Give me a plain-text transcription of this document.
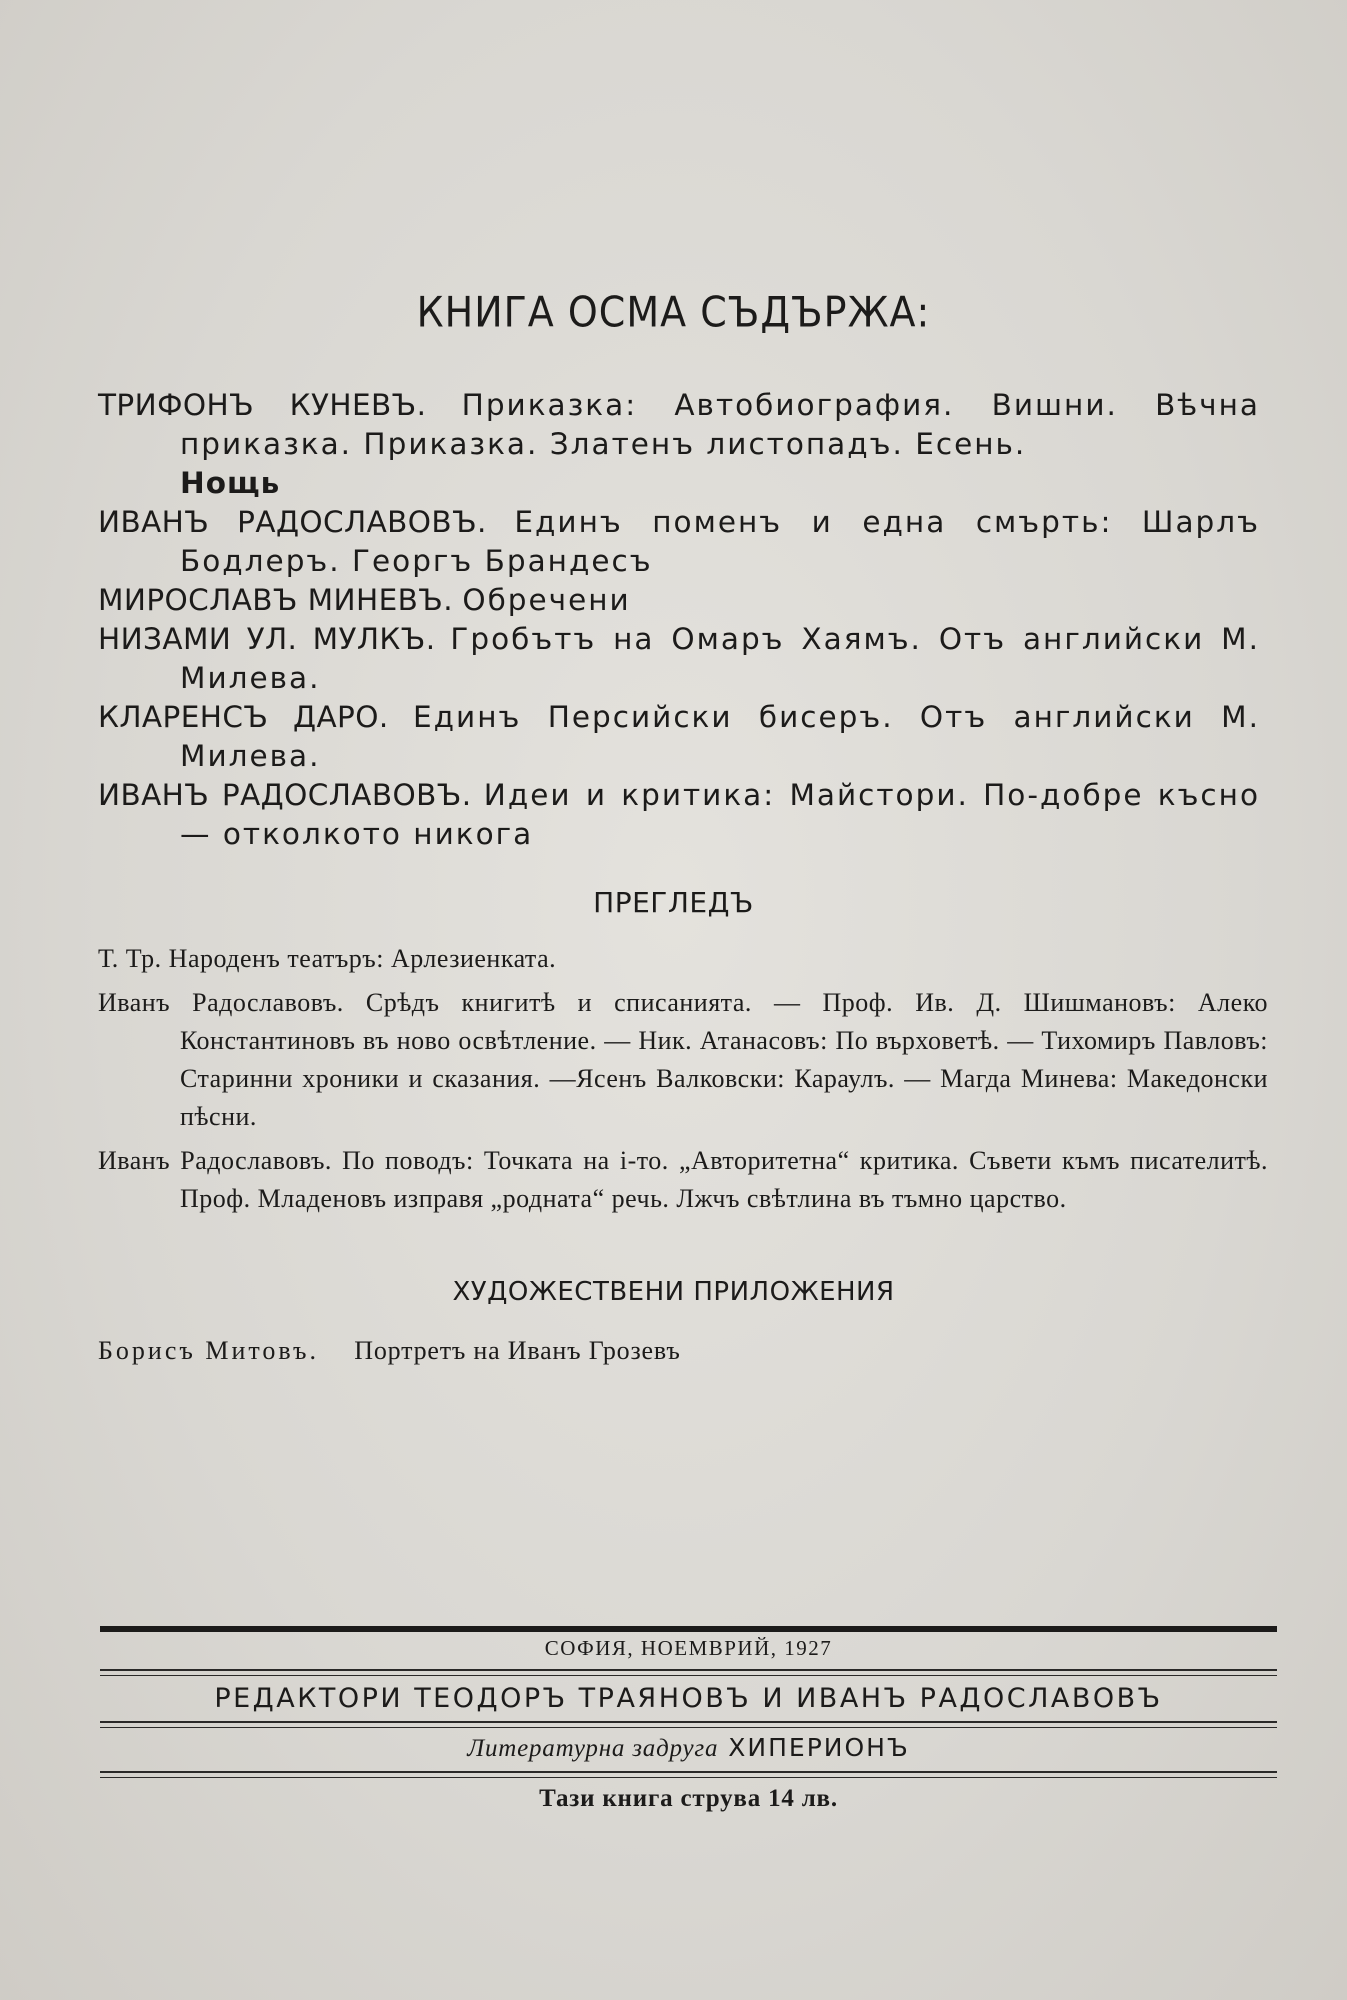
КНИГА ОСМА СЪДЪРЖА:
ТРИФОНЪ КУНЕВЪ. Приказка: Автобиография. Вишни. Вѣчна приказка. Приказка. Златенъ листопадъ. Есень.
Нощь
ИВАНЪ РАДОСЛАВОВЪ. Единъ поменъ и една смърть: Шарлъ Бодлеръ. Георгъ Брандесъ
МИРОСЛАВЪ МИНЕВЪ. Обречени
НИЗАМИ УЛ. МУЛКЪ. Гробътъ на Омаръ Хаямъ. Отъ английски М. Милева.
КЛАРЕНСЪ ДАРО. Единъ Персийски бисеръ. Отъ английски М. Милева.
ИВАНЪ РАДОСЛАВОВЪ. Идеи и критика: Майстори. По-добре късно — отколкото никога
ПРЕГЛЕДЪ
Т. Тр. Народенъ театъръ: Арлезиенката.
Иванъ Радославовъ. Срѣдъ книгитѣ и списанията. — Проф. Ив. Д. Шишмановъ: Алеко Константиновъ въ ново освѣтление. — Ник. Атанасовъ: По върховетѣ. — Тихомиръ Павловъ: Старинни хроники и сказания. —Ясенъ Валковски: Караулъ. — Магда Минева: Македонски пѣсни.
Иванъ Радославовъ. По поводъ: Точката на і-то. „Авторитетна“ критика. Съвети къмъ писателитѣ. Проф. Младеновъ изправя „родната“ речь. Лжчъ свѣтлина въ тъмно царство.
ХУДОЖЕСТВЕНИ ПРИЛОЖЕНИЯ
Борисъ Митовъ. Портретъ на Иванъ Грозевъ
СОФИЯ, НОЕМВРИЙ, 1927
РЕДАКТОРИ ТЕОДОРЪ ТРАЯНОВЪ И ИВАНЪ РАДОСЛАВОВЪ
Литературна задруга ХИПЕРИОНЪ
Тази книга струва 14 лв.
